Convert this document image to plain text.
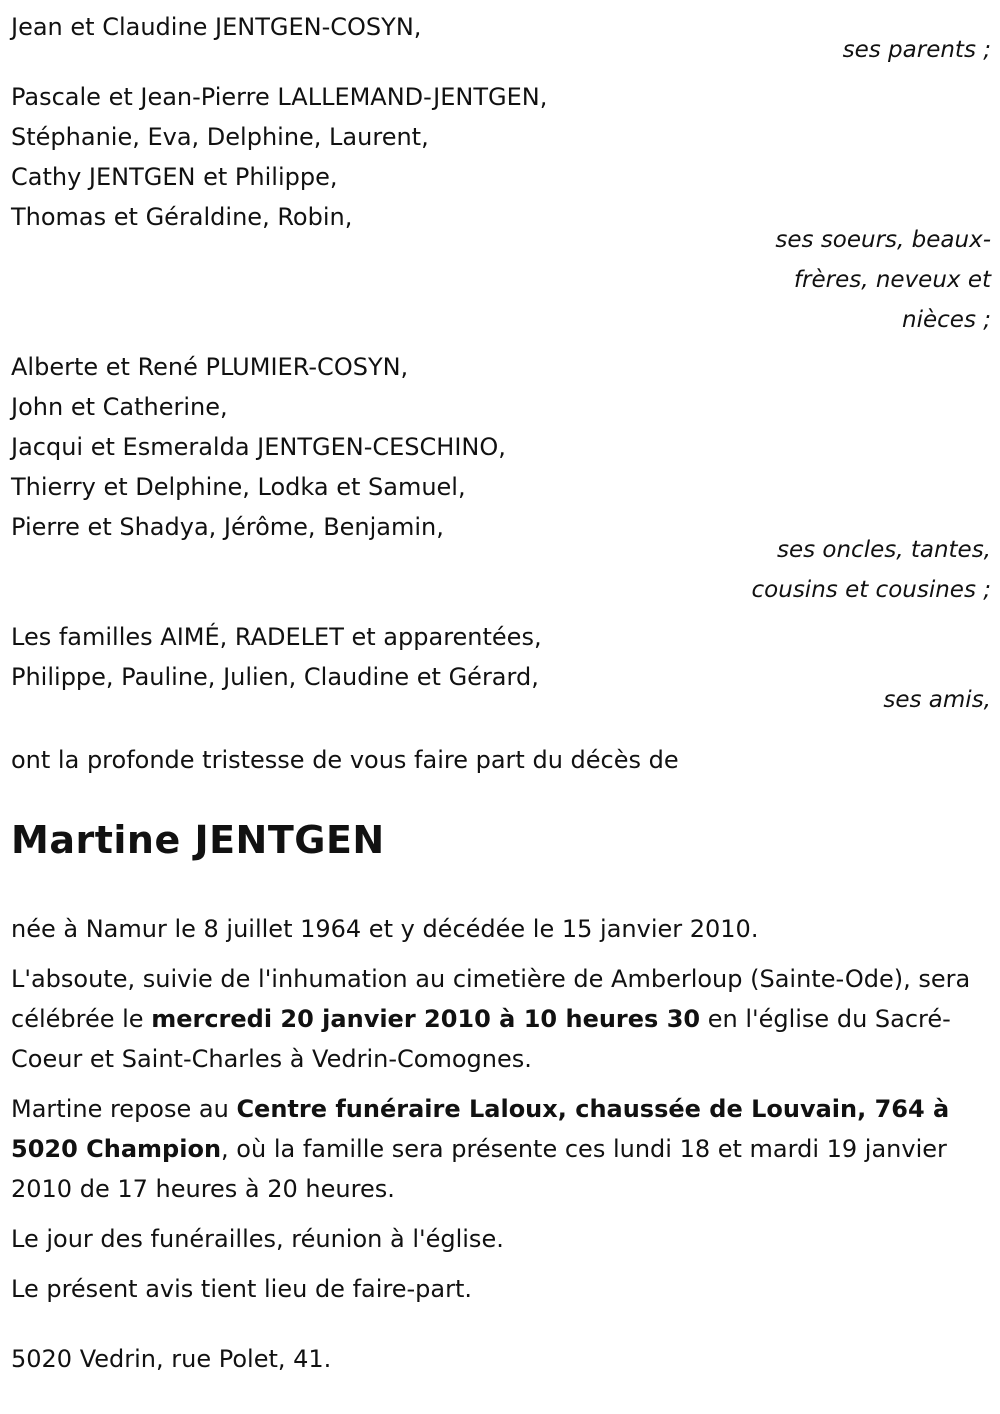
Jean et Claudine JENTGEN-COSYN,
ses parents ;
Pascale et Jean-Pierre LALLEMAND-JENTGEN,
Stéphanie, Eva, Delphine, Laurent,
Cathy JENTGEN et Philippe,
Thomas et Géraldine, Robin,
ses soeurs, beaux-frères, neveux et nièces ;
Alberte et René PLUMIER-COSYN,
John et Catherine,
Jacqui et Esmeralda JENTGEN-CESCHINO,
Thierry et Delphine, Lodka et Samuel,
Pierre et Shadya, Jérôme, Benjamin,
ses oncles, tantes, cousins et cousines ;
Les familles AIMÉ, RADELET et apparentées,
Philippe, Pauline, Julien, Claudine et Gérard,
ses amis,
ont la profonde tristesse de vous faire part du décès de
Martine JENTGEN
née à Namur le 8 juillet 1964 et y décédée le 15 janvier 2010.
L'absoute, suivie de l'inhumation au cimetière de Amberloup (Sainte-Ode), sera célébrée le mercredi 20 janvier 2010 à 10 heures 30 en l'église du Sacré-Coeur et Saint-Charles à Vedrin-Comognes.
Martine repose au Centre funéraire Laloux, chaussée de Louvain, 764 à 5020 Champion, où la famille sera présente ces lundi 18 et mardi 19 janvier 2010 de 17 heures à 20 heures.
Le jour des funérailles, réunion à l'église.
Le présent avis tient lieu de faire-part.
5020 Vedrin, rue Polet, 41.
